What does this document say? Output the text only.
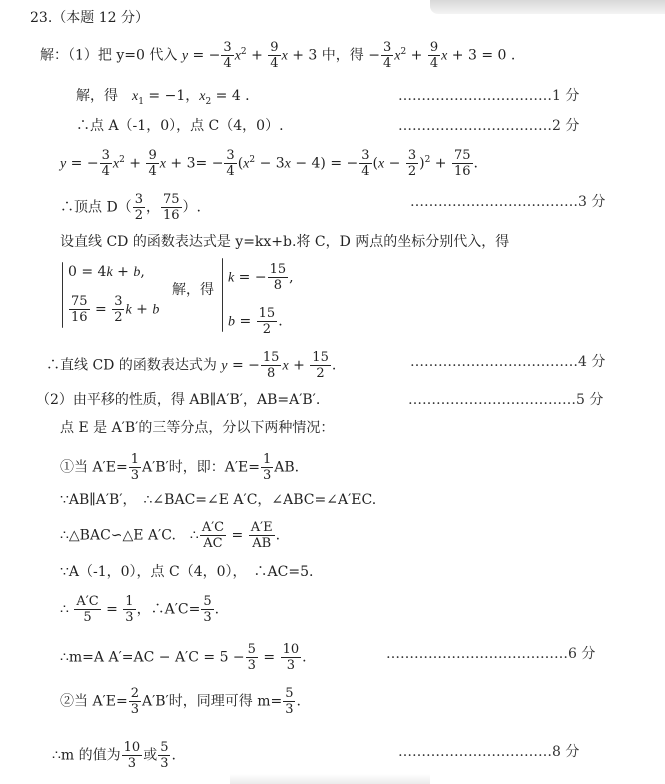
23.（本题 12 分）
解：（1）把 y=0 代入 y = − $\frac{3}{4} x^2 + \frac{9}{4}$ x + 3 中，得 − $\frac{3}{4} x^2 + \frac{9}{4}$ x + 3 = 0 .
解，得　 $x_1 = -1$，$x_2 = 4$ .	……………………………1 分
∴点 A（-1，0），点 C（4，0）.	……………………………2 分
y = − $\frac{3}{4} x^2 + \frac{9}{4}$ $x + 3= - \frac{3}{4} (x^2 - 3x - 4)$ = − $\frac{3}{4} (x - \frac{3}{2} )^2 + \frac{75}{16}$ .
∴顶点 $D( \frac{3}{2}$ ， $\frac{75}{16}$ ）.	………………………………3 分
设直线 CD 的函数表达式是 y=kx+b.将 C，D 两点的坐标分别代入，得
0 = 4k + b,
$\frac{75}{16} = \frac{3}{2}$ k + b
解，得
k = − $\frac{15}{8}$ ,
$b = \frac{15}{2}$ .
∴直线 CD 的函数表达式为 y = − $\frac{15}{8}$ $x + \frac{15}{2}$ .	………………………………4 分
（2）由平移的性质，得 AB∥A′B′，AB=A′B′.	………………………………5 分
点 E 是 A′B′的三等分点，分以下两种情况：
①当 $A'E= \frac{1}{3} A'B'$时，即：$A'E= \frac{1}{3}$ AB.
∵AB∥A′B′，　∴∠BAC=∠E A′C，∠ABC=∠A′EC.
∴△BAC∽△E A′C.　∴ $\frac{A'C}{AC} = \frac{A'E}{AB}$ .
∵A（-1，0），点 C（4，0），　∴AC=5.
∴ $\frac{A'C}{5} = \frac{1}{3}$ ，∴A′C= $\frac{5}{3}$ .
∴m=A $A'=AC - A'C = 5 - \frac{5}{3} = \frac{10}{3}$ .	…………………………………6 分
②当 $A'E= \frac{2}{3} A'B'$时，同理可得 $m= \frac{5}{3}$ .
∴m 的值为 $\frac{10}{3}$ 或 $\frac{5}{3}$ .	……………………………8 分
